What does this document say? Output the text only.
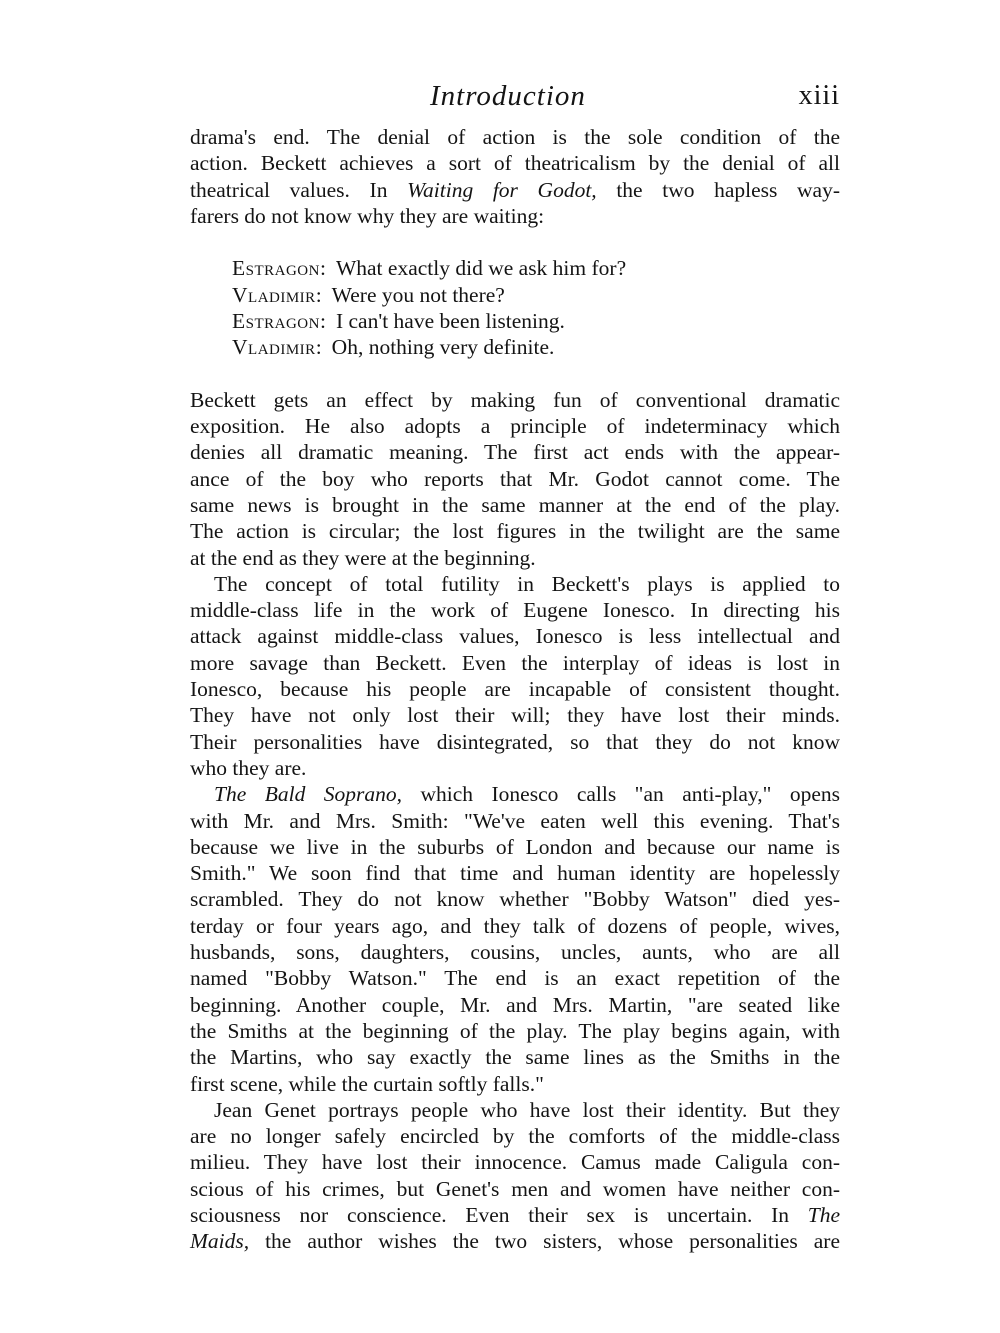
Introduction	xiii

drama's end. The denial of action is the sole condition of the

action. Beckett achieves a sort of theatricalism by the denial of all

theatrical values. In Waiting for Godot, the two hapless way-

farers do not know why they are waiting:

Estragon : What exactly did we ask him for?
Vladimir : Were you not there?
Estragon : I can't have been listening.
Vladimir : Oh, nothing very definite.

Beckett gets an effect by making fun of conventional dramatic

exposition. He also adopts a principle of indeterminacy which

denies all dramatic meaning. The first act ends with the appear-

ance of the boy who reports that Mr. Godot cannot come. The

same news is brought in the same manner at the end of the play.

The action is circular; the lost figures in the twilight are the same

at the end as they were at the beginning.

The concept of total futility in Beckett's plays is applied to

middle-class life in the work of Eugene Ionesco. In directing his

attack against middle-class values, Ionesco is less intellectual and

more savage than Beckett. Even the interplay of ideas is lost in

Ionesco, because his people are incapable of consistent thought.

They have not only lost their will; they have lost their minds.

Their personalities have disintegrated, so that they do not know

who they are.

The Bald Soprano, which Ionesco calls "an anti-play," opens

with Mr. and Mrs. Smith: "We've eaten well this evening. That's

because we live in the suburbs of London and because our name is

Smith." We soon find that time and human identity are hopelessly

scrambled. They do not know whether "Bobby Watson" died yes-

terday or four years ago, and they talk of dozens of people, wives,

husbands, sons, daughters, cousins, uncles, aunts, who are all

named "Bobby Watson." The end is an exact repetition of the

beginning. Another couple, Mr. and Mrs. Martin, "are seated like

the Smiths at the beginning of the play. The play begins again, with

the Martins, who say exactly the same lines as the Smiths in the

first scene, while the curtain softly falls."

Jean Genet portrays people who have lost their identity. But they

are no longer safely encircled by the comforts of the middle-class

milieu. They have lost their innocence. Camus made Caligula con-

scious of his crimes, but Genet's men and women have neither con-

sciousness nor conscience. Even their sex is uncertain. In The

Maids, the author wishes the two sisters, whose personalities are
